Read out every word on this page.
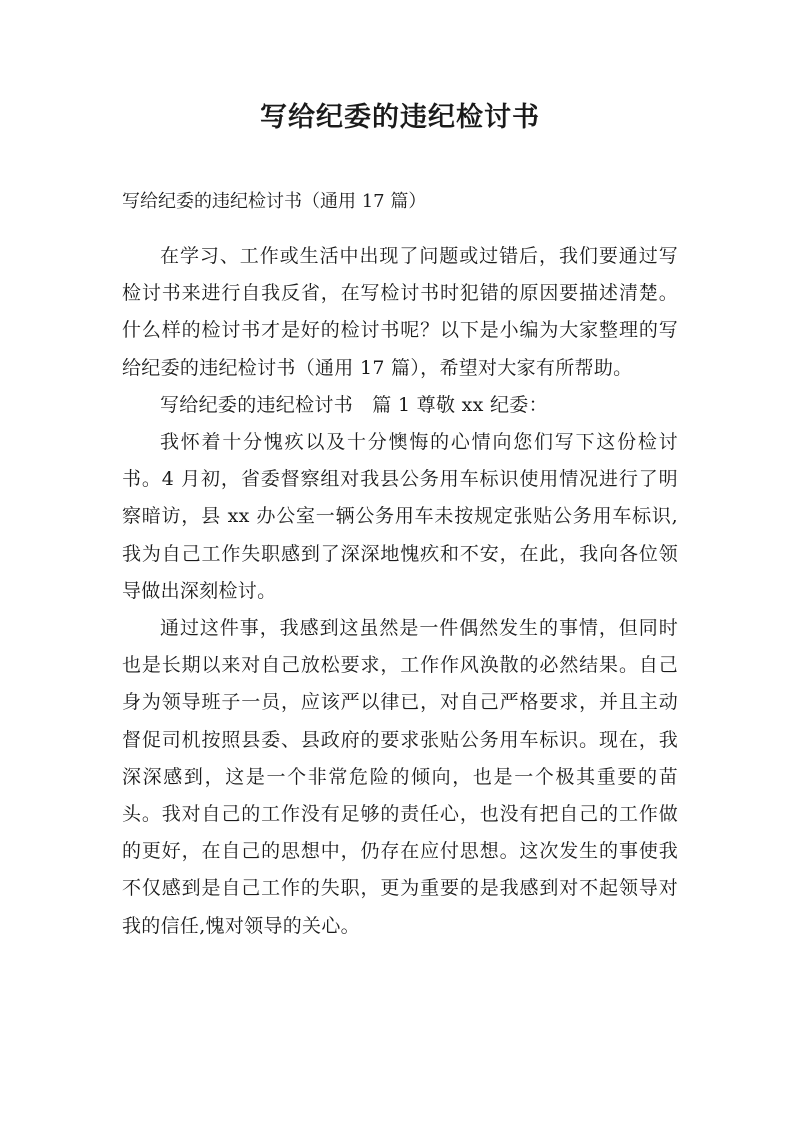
写给纪委的违纪检讨书

写给纪委的违纪检讨书（通用 17 篇）

在学习、工作或生活中出现了问题或过错后，我们要通过写检讨书来进行自我反省，在写检讨书时犯错的原因要描述清楚。什么样的检讨书才是好的检讨书呢？以下是小编为大家整理的写给纪委的违纪检讨书（通用 17 篇），希望对大家有所帮助。

写给纪委的违纪检讨书　篇 1 尊敬 xx 纪委：

我怀着十分愧疚以及十分懊悔的心情向您们写下这份检讨书。4 月初，省委督察组对我县公务用车标识使用情况进行了明察暗访，县 xx 办公室一辆公务用车未按规定张贴公务用车标识,我为自己工作失职感到了深深地愧疚和不安，在此，我向各位领导做出深刻检讨。

通过这件事，我感到这虽然是一件偶然发生的事情，但同时也是长期以来对自己放松要求，工作作风涣散的必然结果。自己身为领导班子一员，应该严以律已，对自己严格要求，并且主动督促司机按照县委、县政府的要求张贴公务用车标识。现在，我深深感到，这是一个非常危险的倾向，也是一个极其重要的苗头。我对自己的工作没有足够的责任心，也没有把自己的工作做的更好，在自己的思想中，仍存在应付思想。这次发生的事使我不仅感到是自己工作的失职，更为重要的是我感到对不起领导对我的信任,愧对领导的关心。
